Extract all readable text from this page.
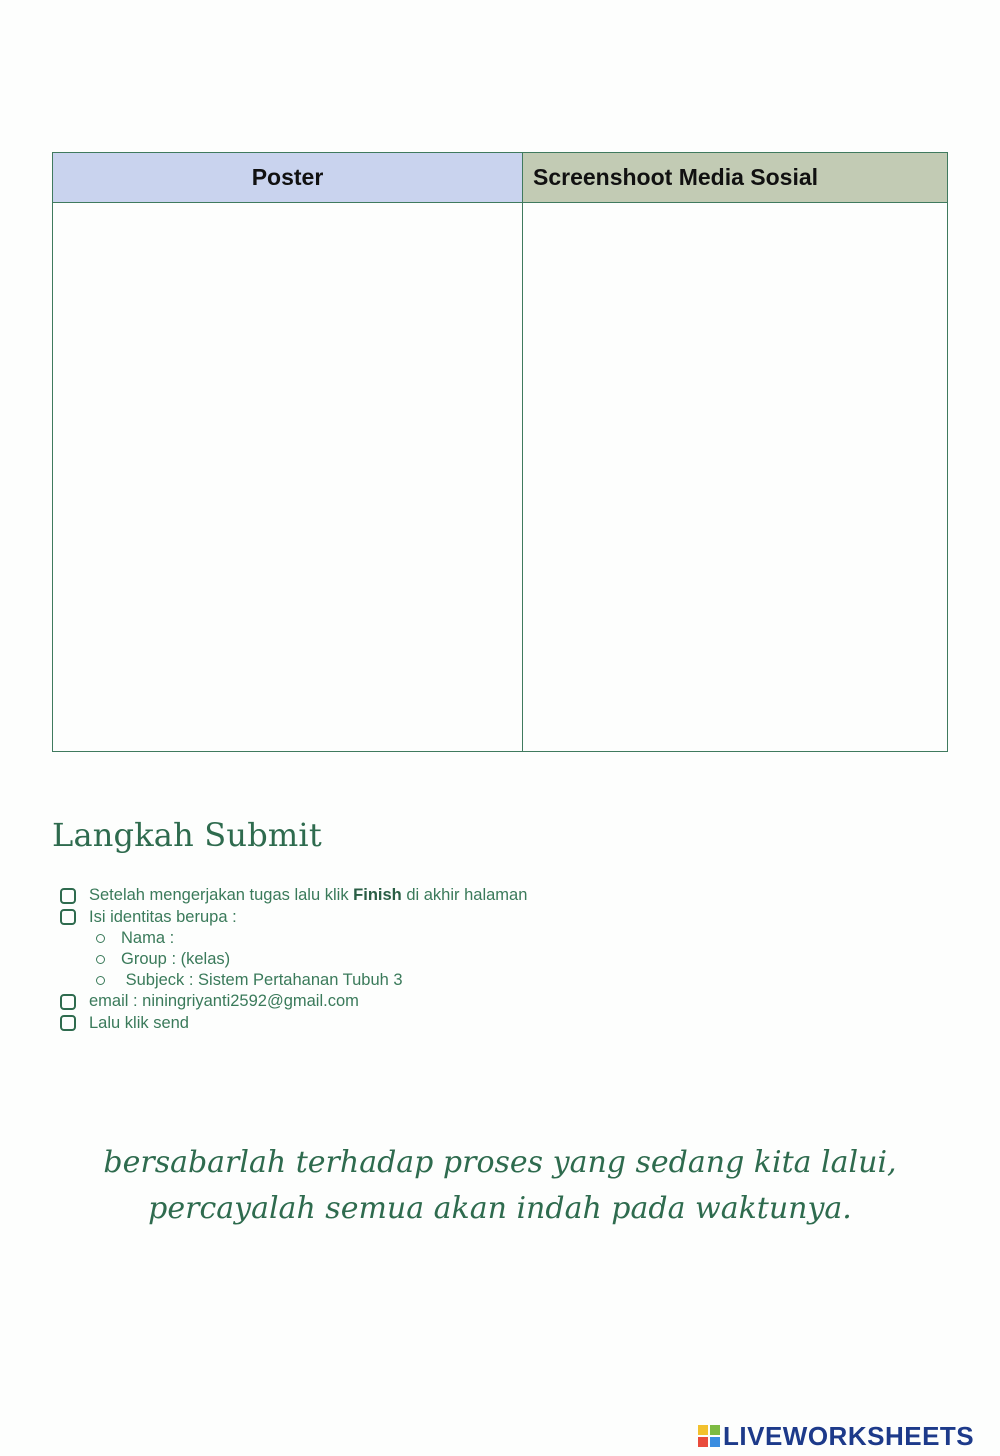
Poster	Screenshoot Media Sosial
Langkah Submit
Setelah mengerjakan tugas lalu klik Finish di akhir halaman
Isi identitas berupa :
Nama :
Group : (kelas)
Subjeck : Sistem Pertahanan Tubuh 3
email : niningriyanti2592@gmail.com
Lalu klik send
bersabarlah terhadap proses yang sedang kita lalui,
percayalah semua akan indah pada waktunya.
LIVEWORKSHEETS
